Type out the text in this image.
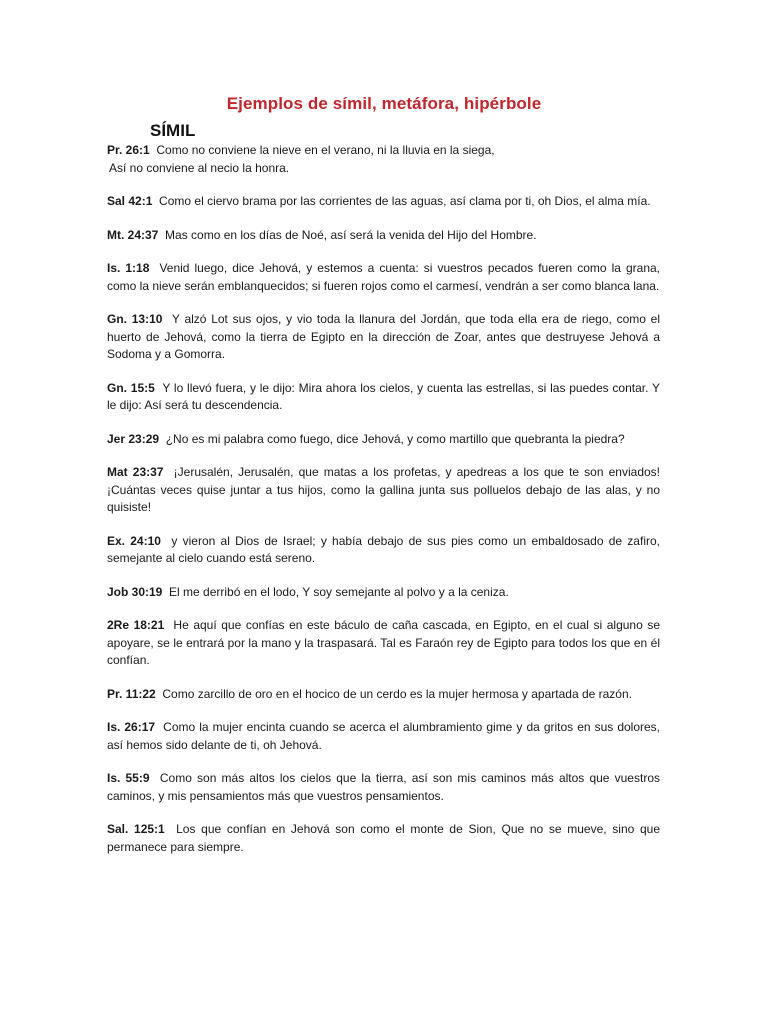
Ejemplos de símil, metáfora, hipérbole
SÍMIL

Pr. 26:1 Como no conviene la nieve en el verano, ni la lluvia en la siega,
Así no conviene al necio la honra.

Sal 42:1 Como el ciervo brama por las corrientes de las aguas, así clama por ti, oh Dios, el alma mía.

Mt. 24:37 Mas como en los días de Noé, así será la venida del Hijo del Hombre.

Is. 1:18 Venid luego, dice Jehová, y estemos a cuenta: si vuestros pecados fueren como la grana, como la nieve serán emblanquecidos; si fueren rojos como el carmesí, vendrán a ser como blanca lana.

Gn. 13:10 Y alzó Lot sus ojos, y vio toda la llanura del Jordán, que toda ella era de riego, como el huerto de Jehová, como la tierra de Egipto en la dirección de Zoar, antes que destruyese Jehová a Sodoma y a Gomorra.

Gn. 15:5 Y lo llevó fuera, y le dijo: Mira ahora los cielos, y cuenta las estrellas, si las puedes contar. Y le dijo: Así será tu descendencia.

Jer 23:29 ¿No es mi palabra como fuego, dice Jehová, y como martillo que quebranta la piedra?

Mat 23:37 ¡Jerusalén, Jerusalén, que matas a los profetas, y apedreas a los que te son enviados! ¡Cuántas veces quise juntar a tus hijos, como la gallina junta sus polluelos debajo de las alas, y no quisiste!

Ex. 24:10 y vieron al Dios de Israel; y había debajo de sus pies como un embaldosado de zafiro, semejante al cielo cuando está sereno.

Job 30:19 El me derribó en el lodo, Y soy semejante al polvo y a la ceniza.

2Re 18:21 He aquí que confías en este báculo de caña cascada, en Egipto, en el cual si alguno se apoyare, se le entrará por la mano y la traspasará. Tal es Faraón rey de Egipto para todos los que en él confían.

Pr. 11:22 Como zarcillo de oro en el hocico de un cerdo es la mujer hermosa y apartada de razón.

Is. 26:17 Como la mujer encinta cuando se acerca el alumbramiento gime y da gritos en sus dolores, así hemos sido delante de ti, oh Jehová.

Is. 55:9 Como son más altos los cielos que la tierra, así son mis caminos más altos que vuestros caminos, y mis pensamientos más que vuestros pensamientos.

Sal. 125:1 Los que confían en Jehová son como el monte de Sion, Que no se mueve, sino que permanece para siempre.
